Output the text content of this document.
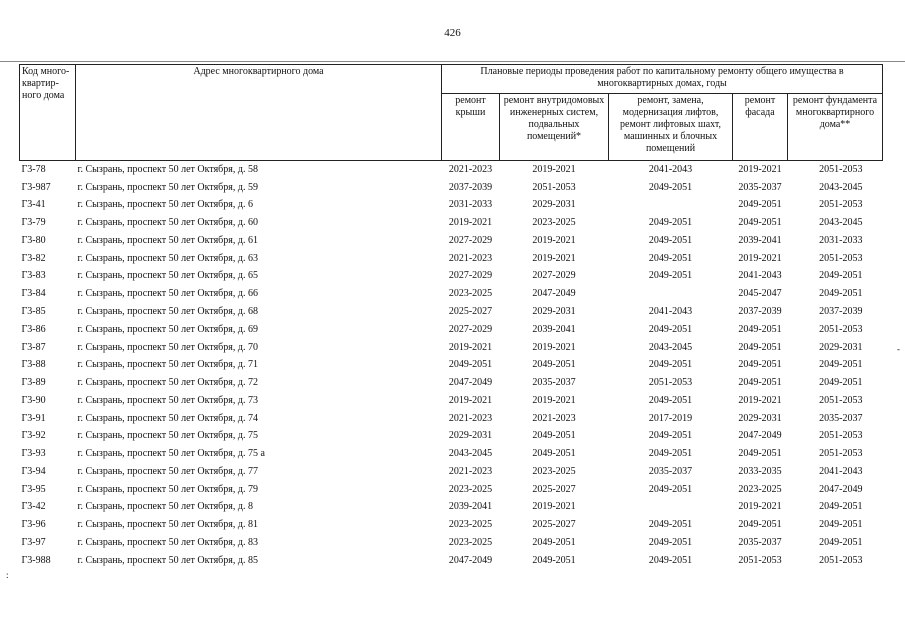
426
Код много-квартир-ного дома	Адрес многоквартирного дома	Плановые периоды проведения работ по капитальному ремонту общего имущества в многоквартирных домах, годы				
		ремонт крыши	ремонт внутридомовых инженерных систем, подвальных помещений*	ремонт, замена, модернизация лифтов, ремонт лифтовых шахт, машинных и блочных помещений	ремонт фасада	ремонт фундамента многоквартирного дома**
Г3-78	г. Сызрань, проспект 50 лет Октября, д. 58	2021-2023	2019-2021	2041-2043	2019-2021	2051-2053
Г3-987	г. Сызрань, проспект 50 лет Октября, д. 59	2037-2039	2051-2053	2049-2051	2035-2037	2043-2045
Г3-41	г. Сызрань, проспект 50 лет Октября, д. 6	2031-2033	2029-2031		2049-2051	2051-2053
Г3-79	г. Сызрань, проспект 50 лет Октября, д. 60	2019-2021	2023-2025	2049-2051	2049-2051	2043-2045
Г3-80	г. Сызрань, проспект 50 лет Октября, д. 61	2027-2029	2019-2021	2049-2051	2039-2041	2031-2033
Г3-82	г. Сызрань, проспект 50 лет Октября, д. 63	2021-2023	2019-2021	2049-2051	2019-2021	2051-2053
Г3-83	г. Сызрань, проспект 50 лет Октября, д. 65	2027-2029	2027-2029	2049-2051	2041-2043	2049-2051
Г3-84	г. Сызрань, проспект 50 лет Октября, д. 66	2023-2025	2047-2049		2045-2047	2049-2051
Г3-85	г. Сызрань, проспект 50 лет Октября, д. 68	2025-2027	2029-2031	2041-2043	2037-2039	2037-2039
Г3-86	г. Сызрань, проспект 50 лет Октября, д. 69	2027-2029	2039-2041	2049-2051	2049-2051	2051-2053
Г3-87	г. Сызрань, проспект 50 лет Октября, д. 70	2019-2021	2019-2021	2043-2045	2049-2051	2029-2031
Г3-88	г. Сызрань, проспект 50 лет Октября, д. 71	2049-2051	2049-2051	2049-2051	2049-2051	2049-2051
Г3-89	г. Сызрань, проспект 50 лет Октября, д. 72	2047-2049	2035-2037	2051-2053	2049-2051	2049-2051
Г3-90	г. Сызрань, проспект 50 лет Октября, д. 73	2019-2021	2019-2021	2049-2051	2019-2021	2051-2053
Г3-91	г. Сызрань, проспект 50 лет Октября, д. 74	2021-2023	2021-2023	2017-2019	2029-2031	2035-2037
Г3-92	г. Сызрань, проспект 50 лет Октября, д. 75	2029-2031	2049-2051	2049-2051	2047-2049	2051-2053
Г3-93	г. Сызрань, проспект 50 лет Октября, д. 75 а	2043-2045	2049-2051	2049-2051	2049-2051	2051-2053
Г3-94	г. Сызрань, проспект 50 лет Октября, д. 77	2021-2023	2023-2025	2035-2037	2033-2035	2041-2043
Г3-95	г. Сызрань, проспект 50 лет Октября, д. 79	2023-2025	2025-2027	2049-2051	2023-2025	2047-2049
Г3-42	г. Сызрань, проспект 50 лет Октября, д. 8	2039-2041	2019-2021		2019-2021	2049-2051
Г3-96	г. Сызрань, проспект 50 лет Октября, д. 81	2023-2025	2025-2027	2049-2051	2049-2051	2049-2051
Г3-97	г. Сызрань, проспект 50 лет Октября, д. 83	2023-2025	2049-2051	2049-2051	2035-2037	2049-2051
Г3-988	г. Сызрань, проспект 50 лет Октября, д. 85	2047-2049	2049-2051	2049-2051	2051-2053	2051-2053
:
-
